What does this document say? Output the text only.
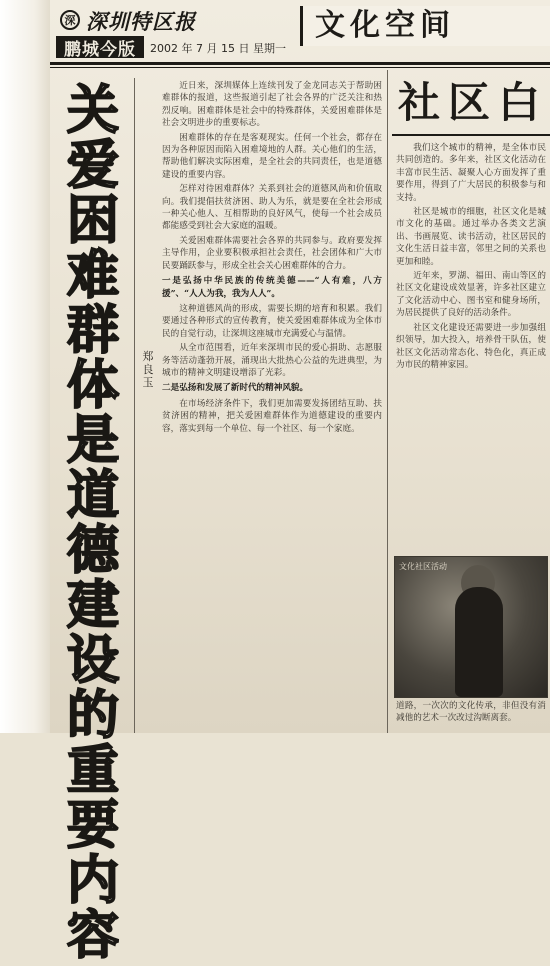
深 深圳特区报
鹏城今版	2002 年 7 月 15 日 星期一
文化空间
关
爱
困
难
群
体
是
道
德
建
设
的
重
要
内
容
郑良玉

近日来，深圳媒体上连续刊发了金龙同志关于帮助困难群体的报道，这些报道引起了社会各界的广泛关注和热烈反响。困难群体是社会中的特殊群体，关爱困难群体是社会文明进步的重要标志。

困难群体的存在是客观现实。任何一个社会，都存在因为各种原因而陷入困难境地的人群。关心他们的生活，帮助他们解决实际困难，是全社会的共同责任，也是道德建设的重要内容。

怎样对待困难群体？关系到社会的道德风尚和价值取向。我们提倡扶贫济困、助人为乐，就是要在全社会形成一种关心他人、互相帮助的良好风气，使每一个社会成员都能感受到社会大家庭的温暖。

关爱困难群体需要社会各界的共同参与。政府要发挥主导作用，企业要积极承担社会责任，社会团体和广大市民要踊跃参与，形成全社会关心困难群体的合力。

一是弘扬中华民族的传统美德——“人有难，八方援”、“人人为我，我为人人”。

这种道德风尚的形成，需要长期的培育和积累。我们要通过各种形式的宣传教育，使关爱困难群体成为全体市民的自觉行动，让深圳这座城市充满爱心与温情。

从全市范围看，近年来深圳市民的爱心捐助、志愿服务等活动蓬勃开展，涌现出大批热心公益的先进典型，为城市的精神文明建设增添了光彩。

二是弘扬和发展了新时代的精神风貌。

在市场经济条件下，我们更加需要发扬团结互助、扶贫济困的精神，把关爱困难群体作为道德建设的重要内容，落实到每一个单位、每一个社区、每一个家庭。

社区白

我们这个城市的精神，是全体市民共同创造的。多年来，社区文化活动在丰富市民生活、凝聚人心方面发挥了重要作用，得到了广大居民的积极参与和支持。

社区是城市的细胞，社区文化是城市文化的基础。通过举办各类文艺演出、书画展览、读书活动，社区居民的文化生活日益丰富，邻里之间的关系也更加和睦。

近年来，罗湖、福田、南山等区的社区文化建设成效显著，许多社区建立了文化活动中心、图书室和健身场所，为居民提供了良好的活动条件。

社区文化建设还需要进一步加强组织领导，加大投入，培养骨干队伍，使社区文化活动常态化、特色化，真正成为市民的精神家园。

文化社区活动
道路，一次次的文化传承，非但没有消减他的艺术一次改过沟断离套。
